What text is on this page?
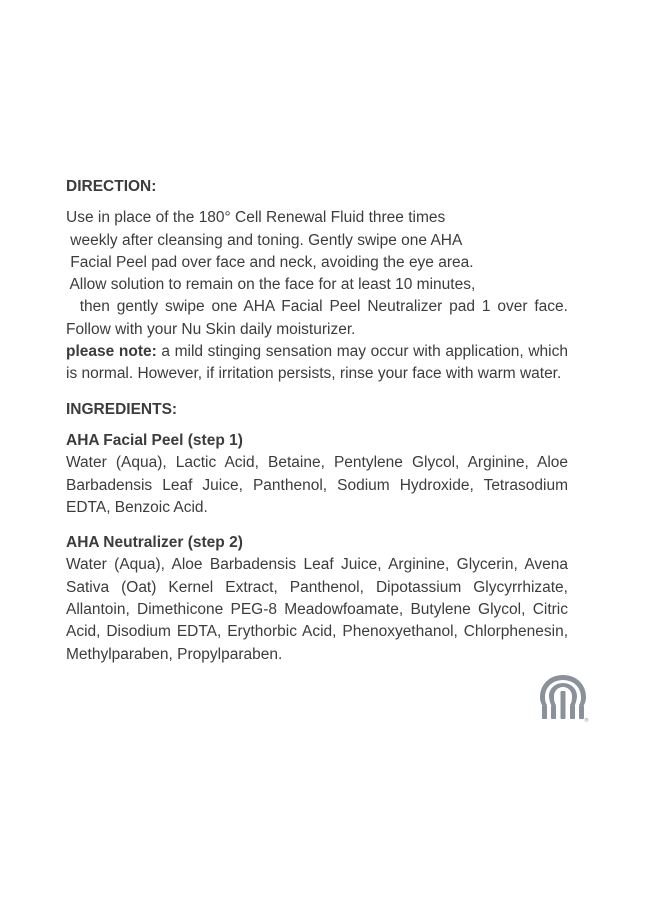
DIRECTION:

Use in place of the 180° Cell Renewal Fluid three times
weekly after cleansing and toning. Gently swipe one AHA
Facial Peel pad over face and neck, avoiding the eye area.
Allow solution to remain on the face for at least 10 minutes,

then gently swipe one AHA Facial Peel Neutralizer pad 1 over face. Follow with your Nu Skin daily moisturizer.

please note: a mild stinging sensation may occur with application, which is normal. However, if irritation persists, rinse your face with warm water.

INGREDIENTS:

AHA Facial Peel (step 1)

Water (Aqua), Lactic Acid, Betaine, Pentylene Glycol, Arginine, Aloe Barbadensis Leaf Juice, Panthenol, Sodium Hydroxide, Tetrasodium EDTA, Benzoic Acid.

AHA Neutralizer (step 2)

Water (Aqua), Aloe Barbadensis Leaf Juice, Arginine, Glycerin, Avena Sativa (Oat) Kernel Extract, Panthenol, Dipotassium Glycyrrhizate, Allantoin, Dimethicone PEG-8 Meadowfoamate, Butylene Glycol, Citric Acid, Disodium EDTA, Erythorbic Acid, Phenoxyethanol, Chlorphenesin, Methylparaben, Propylparaben.

®
